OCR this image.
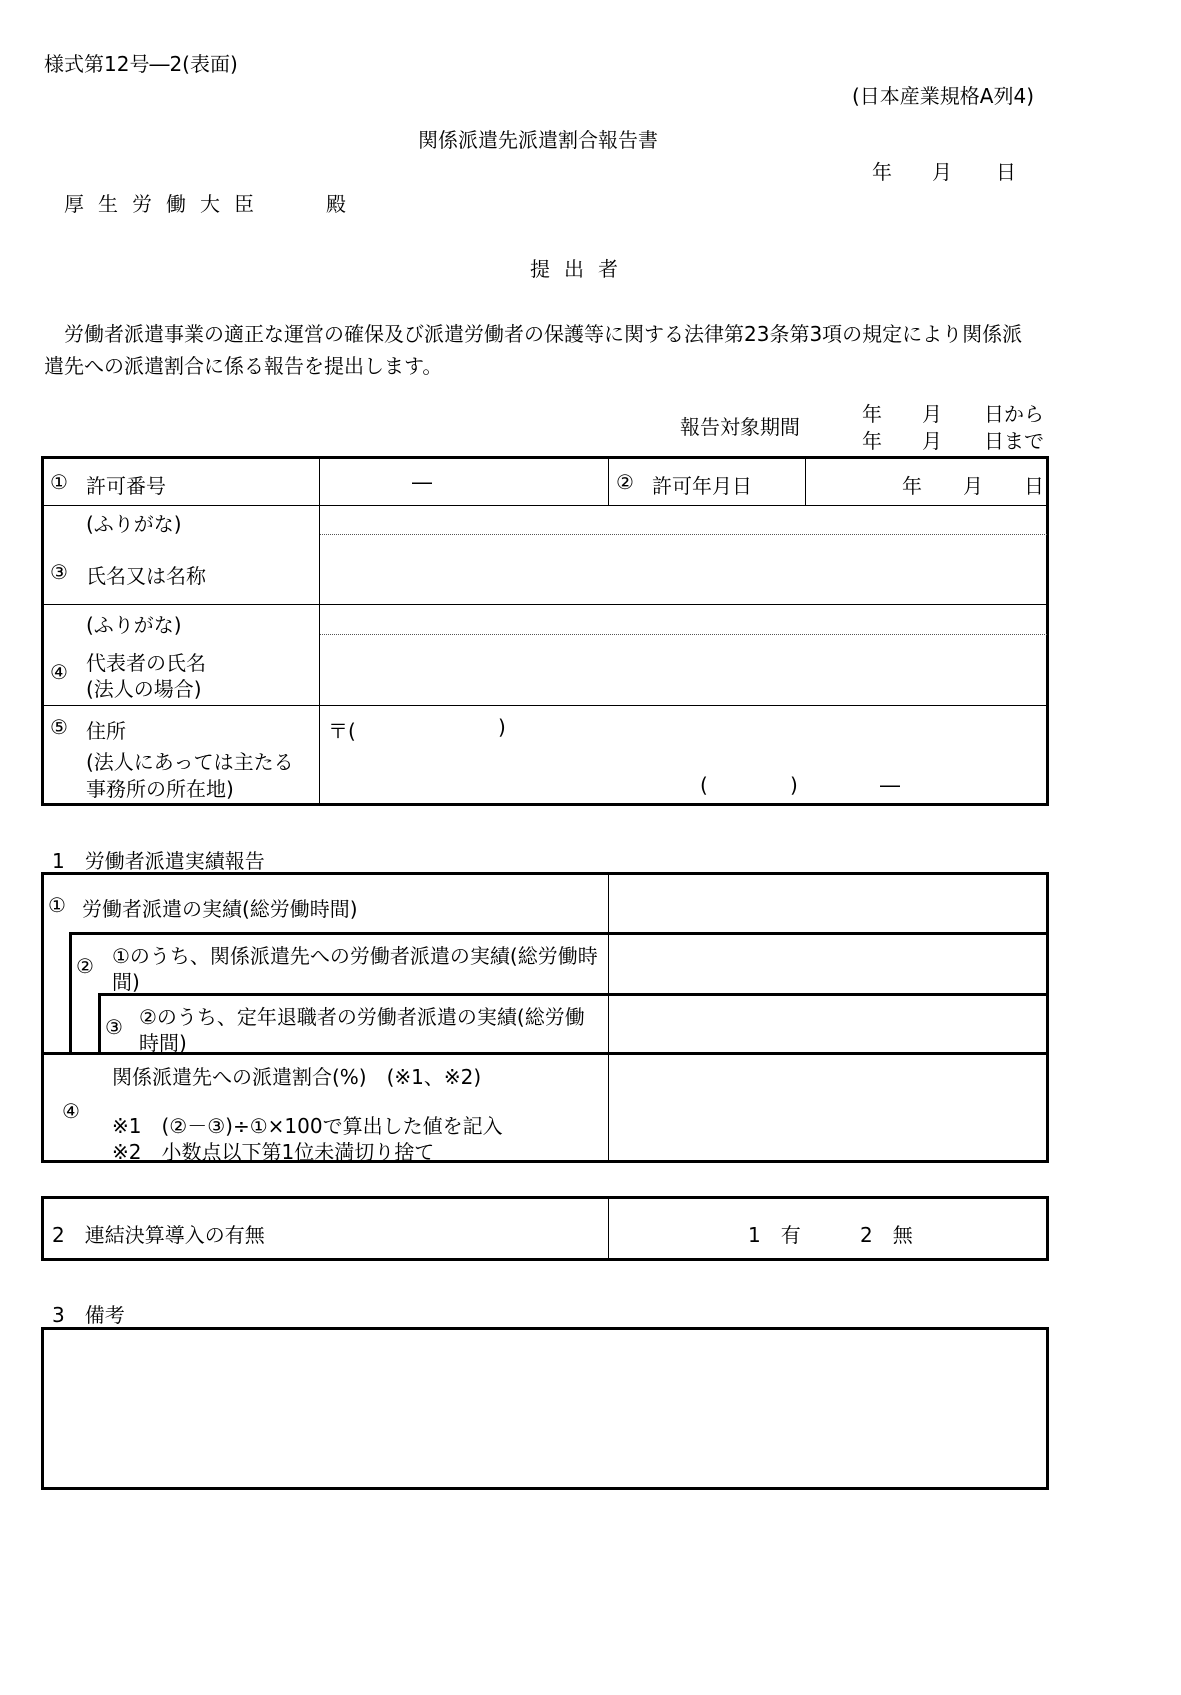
様式第12号―2(表面)
(日本産業規格A列4)
関係派遣先派遣割合報告書
年 月 日
厚生労働大臣	殿
提出者
労働者派遣事業の適正な運営の確保及び派遣労働者の保護等に関する法律第23条第3項の規定により関係派
遣先への派遣割合に係る報告を提出します。
報告対象期間
年 月 日から
年 月 日まで
① 許可番号	―	② 許可年月日	年 月 日
(ふりがな)
③ 氏名又は名称
(ふりがな)
④ 代表者の氏名
(法人の場合)
⑤ 住所
(法人にあっては主たる
事務所の所在地)
〒(	)
(	)	―
1　労働者派遣実績報告
① 労働者派遣の実績(総労働時間)
② ①のうち、関係派遣先への労働者派遣の実績(総労働時
間)
③ ②のうち、定年退職者の労働者派遣の実績(総労働
時間)
④
関係派遣先への派遣割合(%)　(※1、※2)
※1　(②－③)÷①×100で算出した値を記入
※2　小数点以下第1位未満切り捨て
2　連結決算導入の有無	1　有	2　無
3　備考
